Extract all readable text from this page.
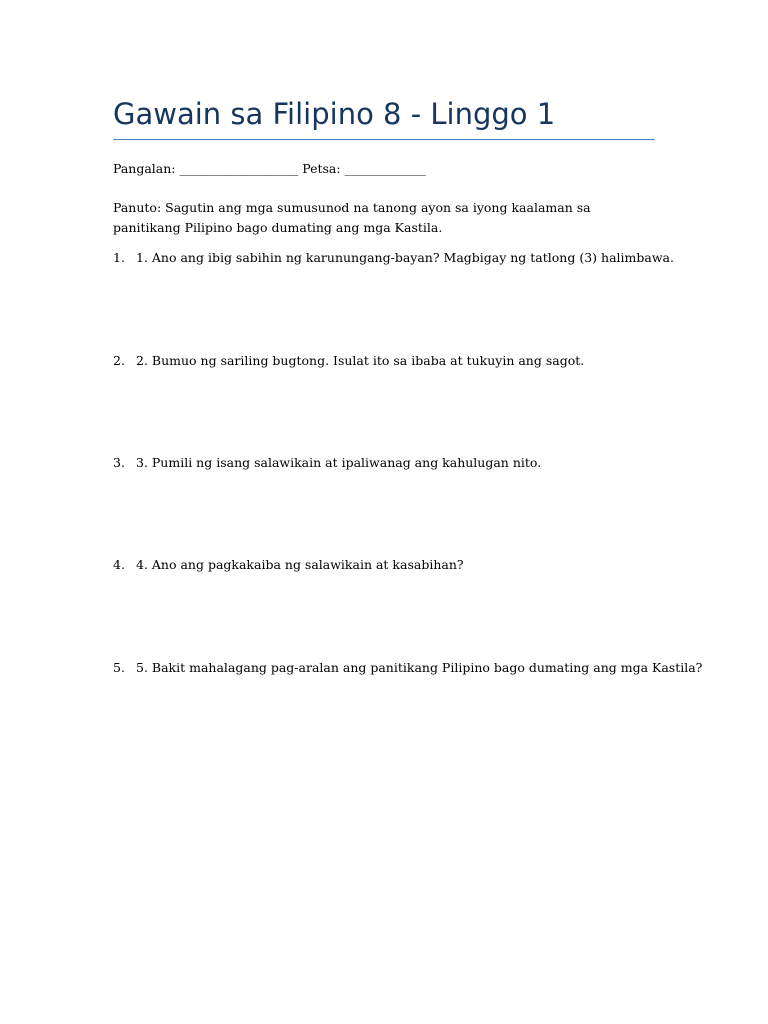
Gawain sa Filipino 8 - Linggo 1
Pangalan: ___________________ Petsa: _____________

Panuto: Sagutin ang mga sumusunod na tanong ayon sa iyong kaalaman sa panitikang Pilipino bago dumating ang mga Kastila.

1. 1. Ano ang ibig sabihin ng karunungang-bayan? Magbigay ng tatlong (3) halimbawa.
2. 2. Bumuo ng sariling bugtong. Isulat ito sa ibaba at tukuyin ang sagot.
3. 3. Pumili ng isang salawikain at ipaliwanag ang kahulugan nito.
4. 4. Ano ang pagkakaiba ng salawikain at kasabihan?
5. 5. Bakit mahalagang pag-aralan ang panitikang Pilipino bago dumating ang mga Kastila?
